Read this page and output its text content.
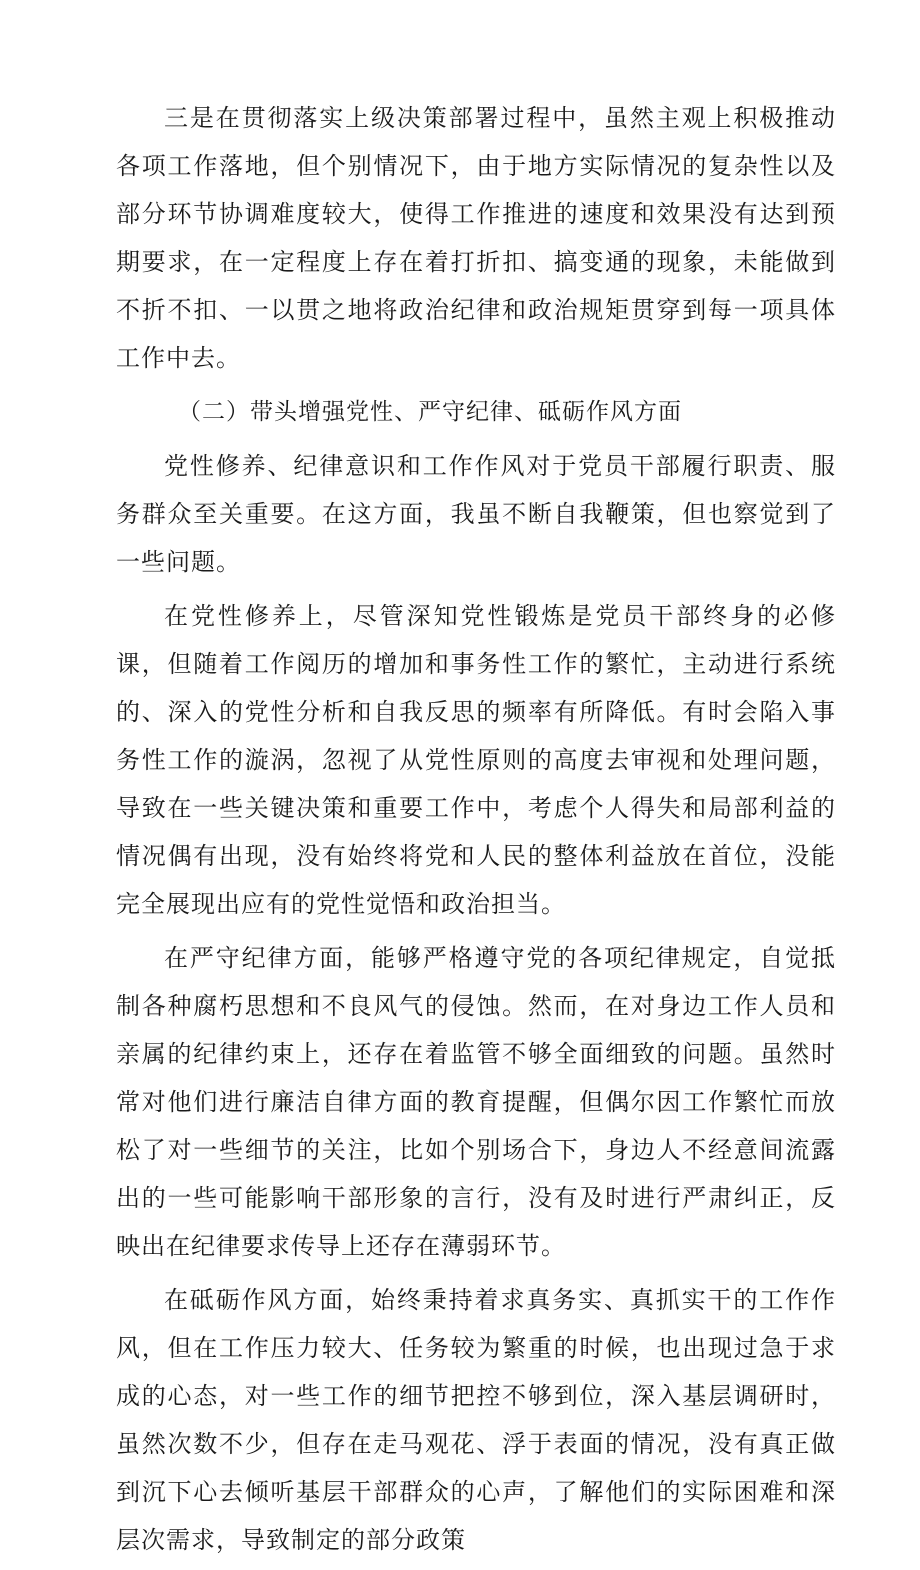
三是在贯彻落实上级决策部署过程中，虽然主观上积极推动各项工作落地，但个别情况下，由于地方实际情况的复杂性以及部分环节协调难度较大，使得工作推进的速度和效果没有达到预期要求，在一定程度上存在着打折扣、搞变通的现象，未能做到不折不扣、一以贯之地将政治纪律和政治规矩贯穿到每一项具体工作中去。

（二）带头增强党性、严守纪律、砥砺作风方面

党性修养、纪律意识和工作作风对于党员干部履行职责、服务群众至关重要。在这方面，我虽不断自我鞭策，但也察觉到了一些问题。

在党性修养上，尽管深知党性锻炼是党员干部终身的必修课，但随着工作阅历的增加和事务性工作的繁忙，主动进行系统的、深入的党性分析和自我反思的频率有所降低。有时会陷入事务性工作的漩涡，忽视了从党性原则的高度去审视和处理问题，导致在一些关键决策和重要工作中，考虑个人得失和局部利益的情况偶有出现，没有始终将党和人民的整体利益放在首位，没能完全展现出应有的党性觉悟和政治担当。

在严守纪律方面，能够严格遵守党的各项纪律规定，自觉抵制各种腐朽思想和不良风气的侵蚀。然而，在对身边工作人员和亲属的纪律约束上，还存在着监管不够全面细致的问题。虽然时常对他们进行廉洁自律方面的教育提醒，但偶尔因工作繁忙而放松了对一些细节的关注，比如个别场合下，身边人不经意间流露出的一些可能影响干部形象的言行，没有及时进行严肃纠正，反映出在纪律要求传导上还存在薄弱环节。

在砥砺作风方面，始终秉持着求真务实、真抓实干的工作作风，但在工作压力较大、任务较为繁重的时候，也出现过急于求成的心态，对一些工作的细节把控不够到位，深入基层调研时，虽然次数不少，但存在走马观花、浮于表面的情况，没有真正做到沉下心去倾听基层干部群众的心声，了解他们的实际困难和深层次需求，导致制定的部分政策
